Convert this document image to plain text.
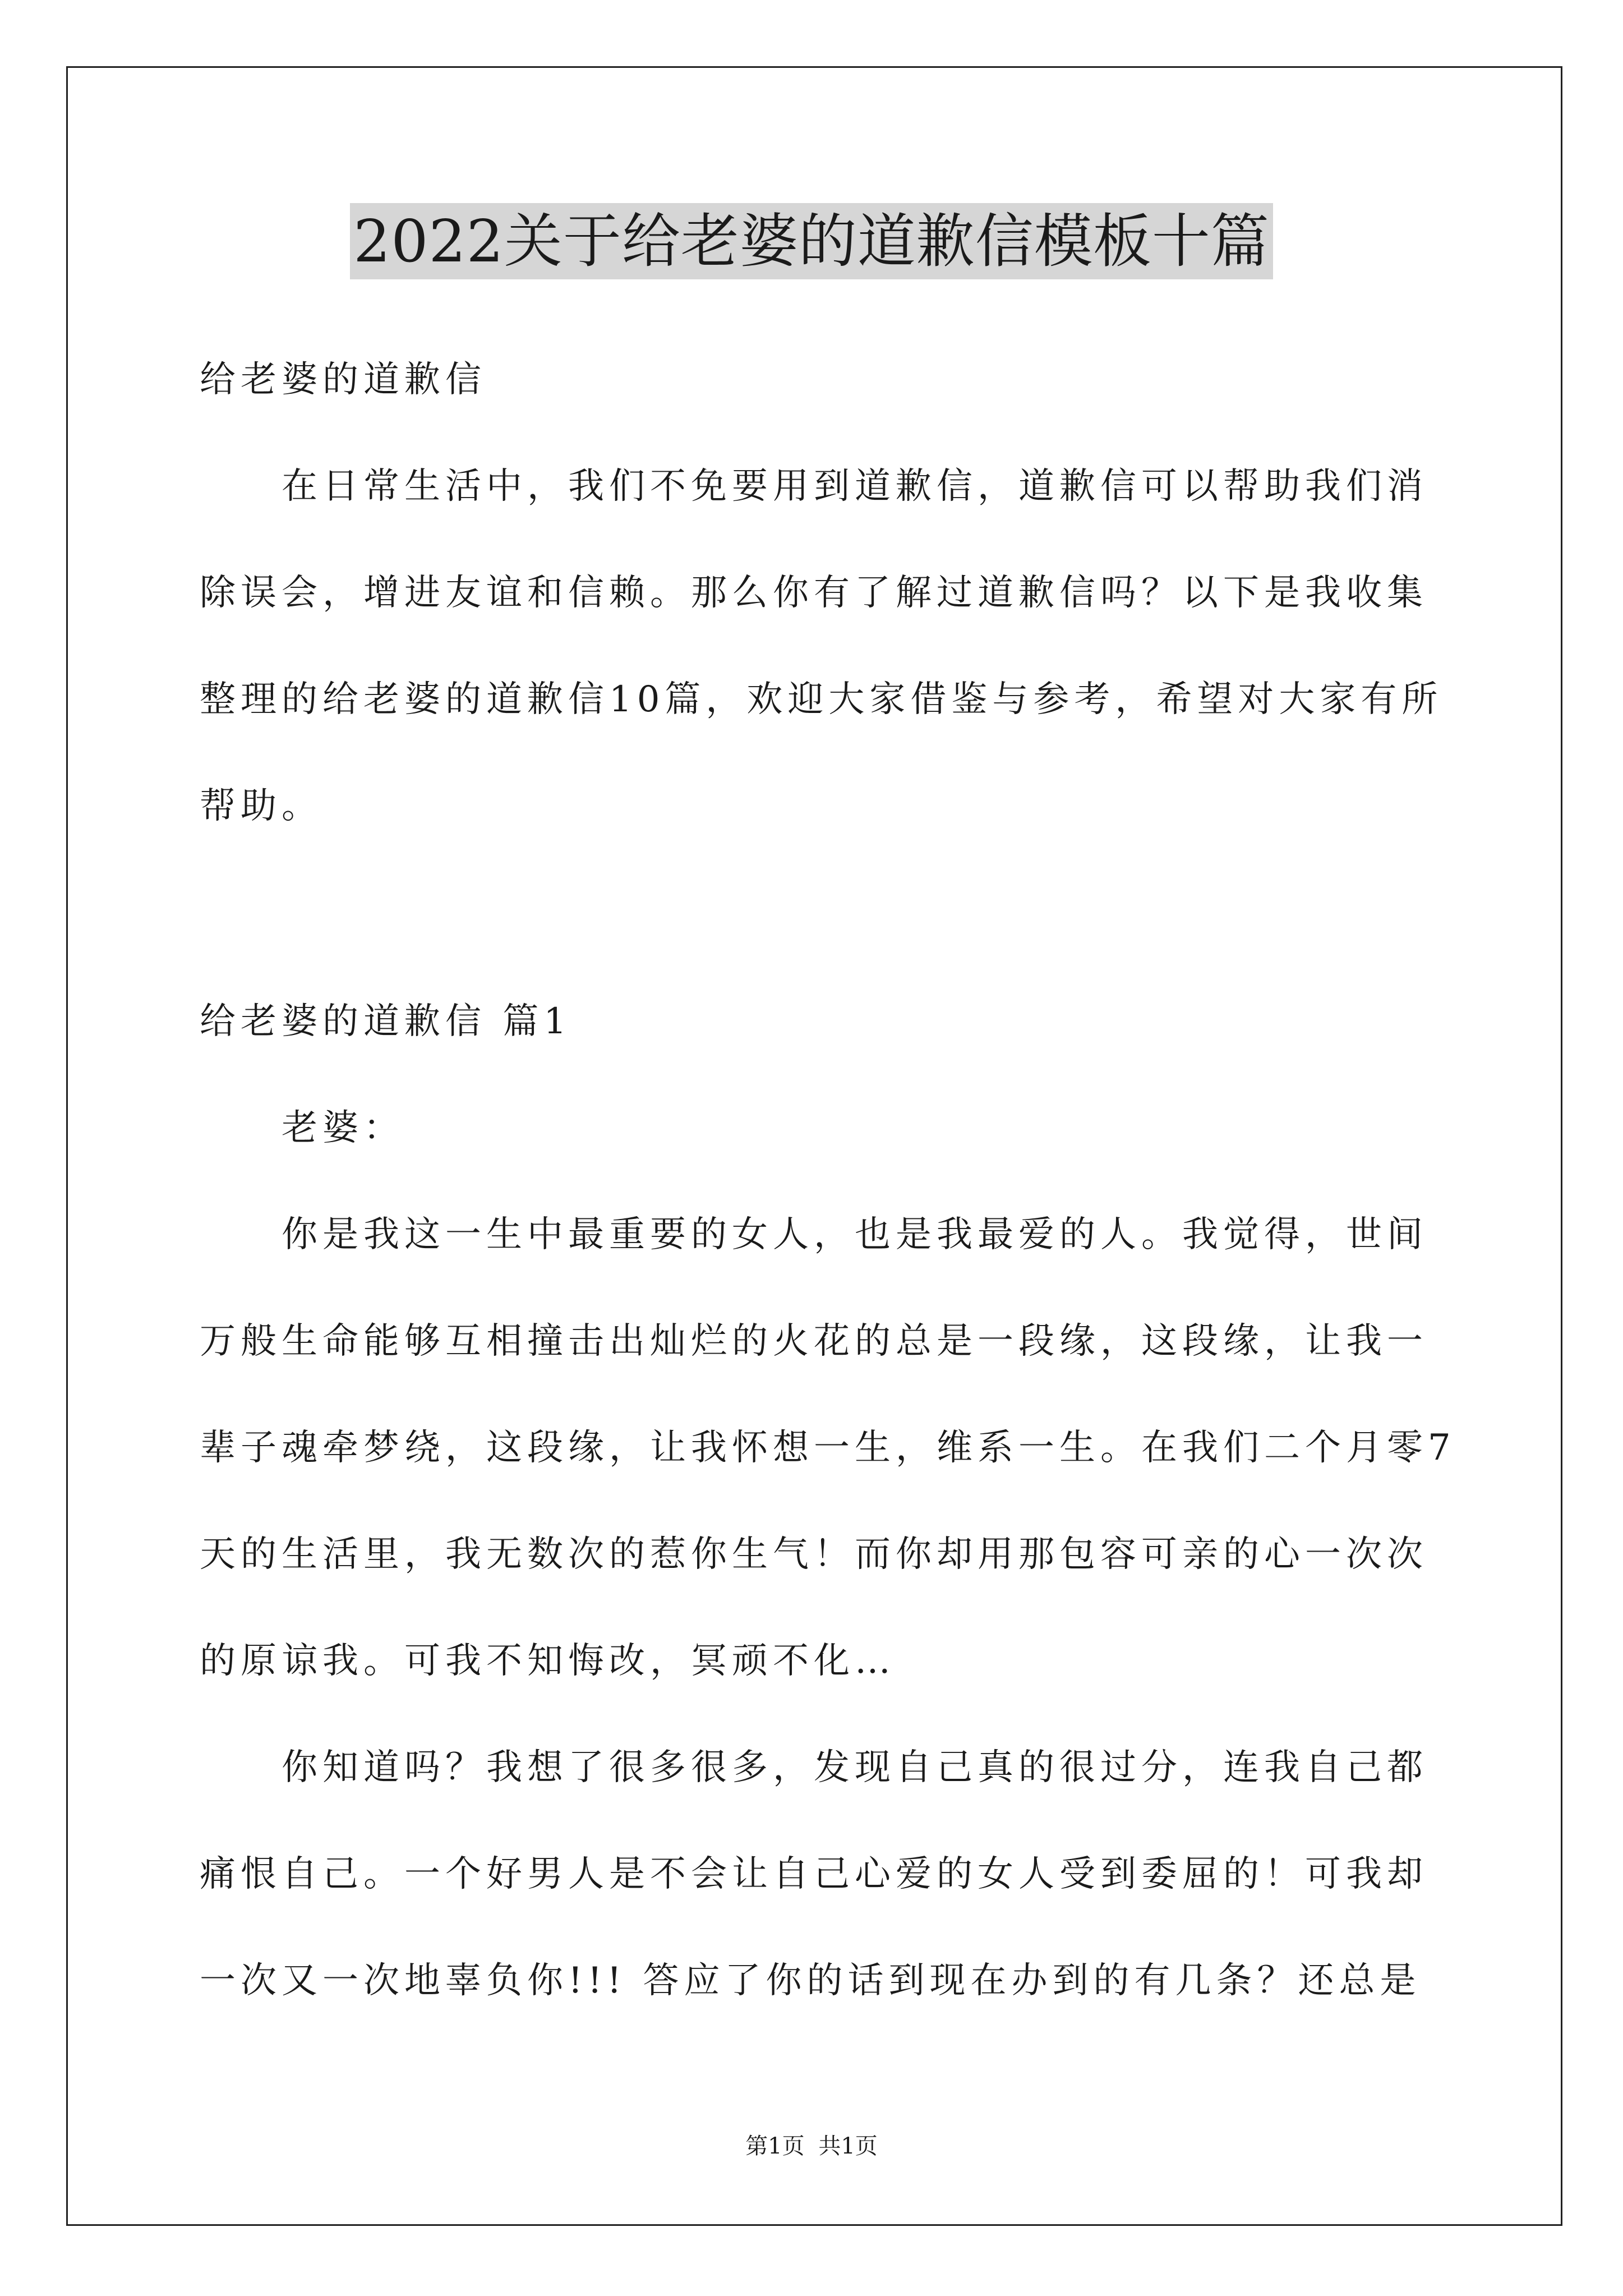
2022关于给老婆的道歉信模板十篇
给老婆的道歉信
在日常生活中，我们不免要用到道歉信，道歉信可以帮助我们消
除误会，增进友谊和信赖。那么你有了解过道歉信吗？以下是我收集
整理的给老婆的道歉信10篇，欢迎大家借鉴与参考，希望对大家有所
帮助。
给老婆的道歉信 篇1
老婆：
你是我这一生中最重要的女人，也是我最爱的人。我觉得，世间
万般生命能够互相撞击出灿烂的火花的总是一段缘，这段缘，让我一
辈子魂牵梦绕，这段缘，让我怀想一生，维系一生。在我们二个月零7
天的生活里，我无数次的惹你生气！而你却用那包容可亲的心一次次
的原谅我。可我不知悔改，冥顽不化…
你知道吗？我想了很多很多，发现自己真的很过分，连我自己都
痛恨自己。一个好男人是不会让自己心爱的女人受到委屈的！可我却
一次又一次地辜负你!!! 答应了你的话到现在办到的有几条？还总是
第1页 共1页
